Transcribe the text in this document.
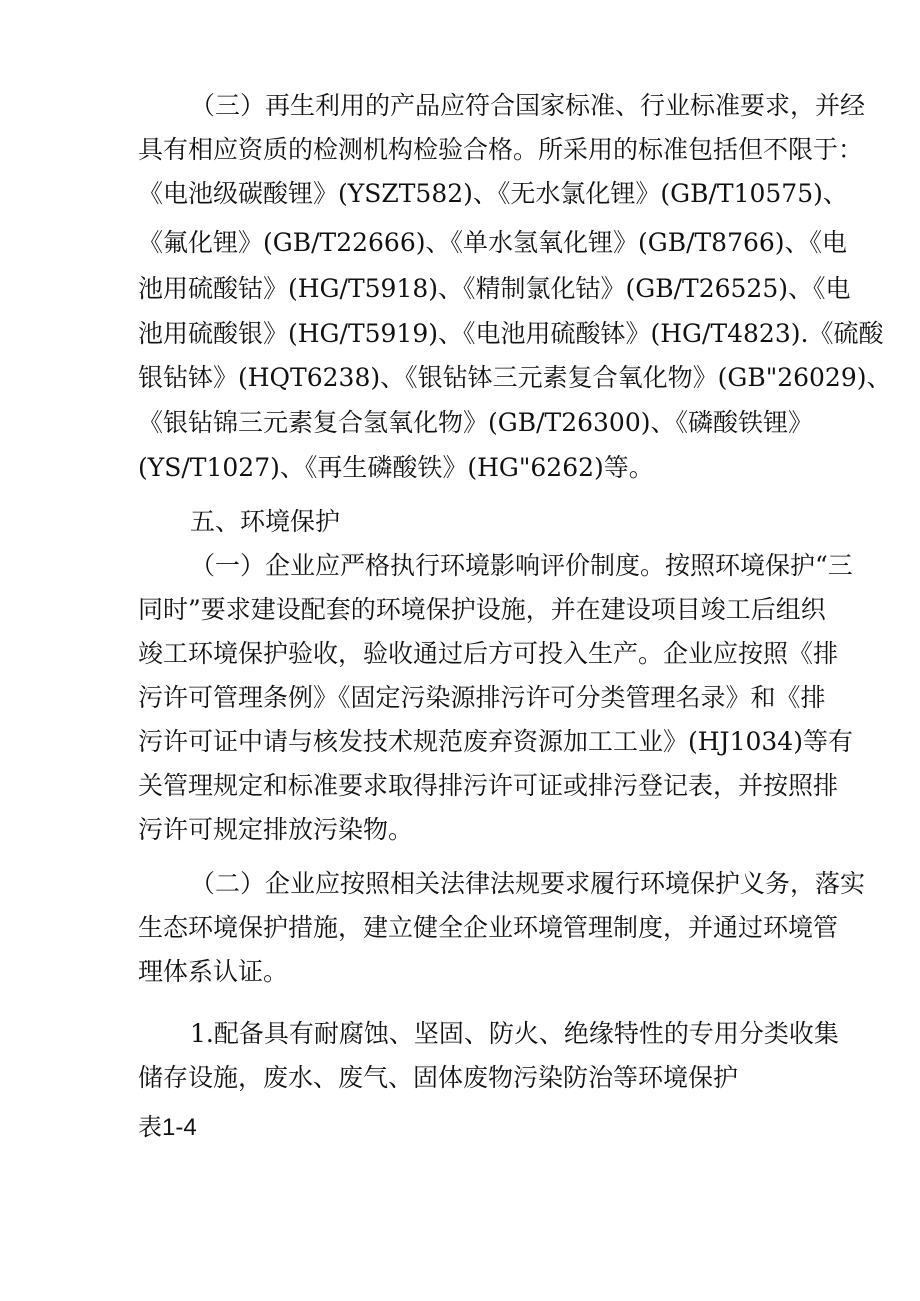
（三）再生利用的产品应符合国家标准、行业标准要求，并经
具有相应资质的检测机构检验合格。所采用的标准包括但不限于：
《电池级碳酸锂》(YSZT582)、《无水氯化锂》(GB/T10575)、
《氟化锂》(GB/T22666)、《单水氢氧化锂》(GB/T8766)、《电
池用硫酸钴》(HG/T5918)、《精制氯化钴》(GB/T26525)、《电
池用硫酸银》(HG/T5919)、《电池用硫酸钵》(HG/T4823).《硫酸
银钻钵》(HQT6238)、《银钻钵三元素复合氧化物》(GB"26029)、
《银钻锦三元素复合氢氧化物》(GB/T26300)、《磷酸铁锂》
(YS/T1027)、《再生磷酸铁》(HG"6262)等。
五、环境保护
（一）企业应严格执行环境影响评价制度。按照环境保护“三
同时”要求建设配套的环境保护设施，并在建设项目竣工后组织
竣工环境保护验收，验收通过后方可投入生产。企业应按照《排
污许可管理条例》《固定污染源排污许可分类管理名录》和《排
污许可证中请与核发技术规范废弃资源加工工业》(HJ1034)等有
关管理规定和标准要求取得排污许可证或排污登记表，并按照排
污许可规定排放污染物。
（二）企业应按照相关法律法规要求履行环境保护义务，落实
生态环境保护措施，建立健全企业环境管理制度，并通过环境管
理体系认证。
1.配备具有耐腐蚀、坚固、防火、绝缘特性的专用分类收集
储存设施，废水、废气、固体废物污染防治等环境保护
表1-4
